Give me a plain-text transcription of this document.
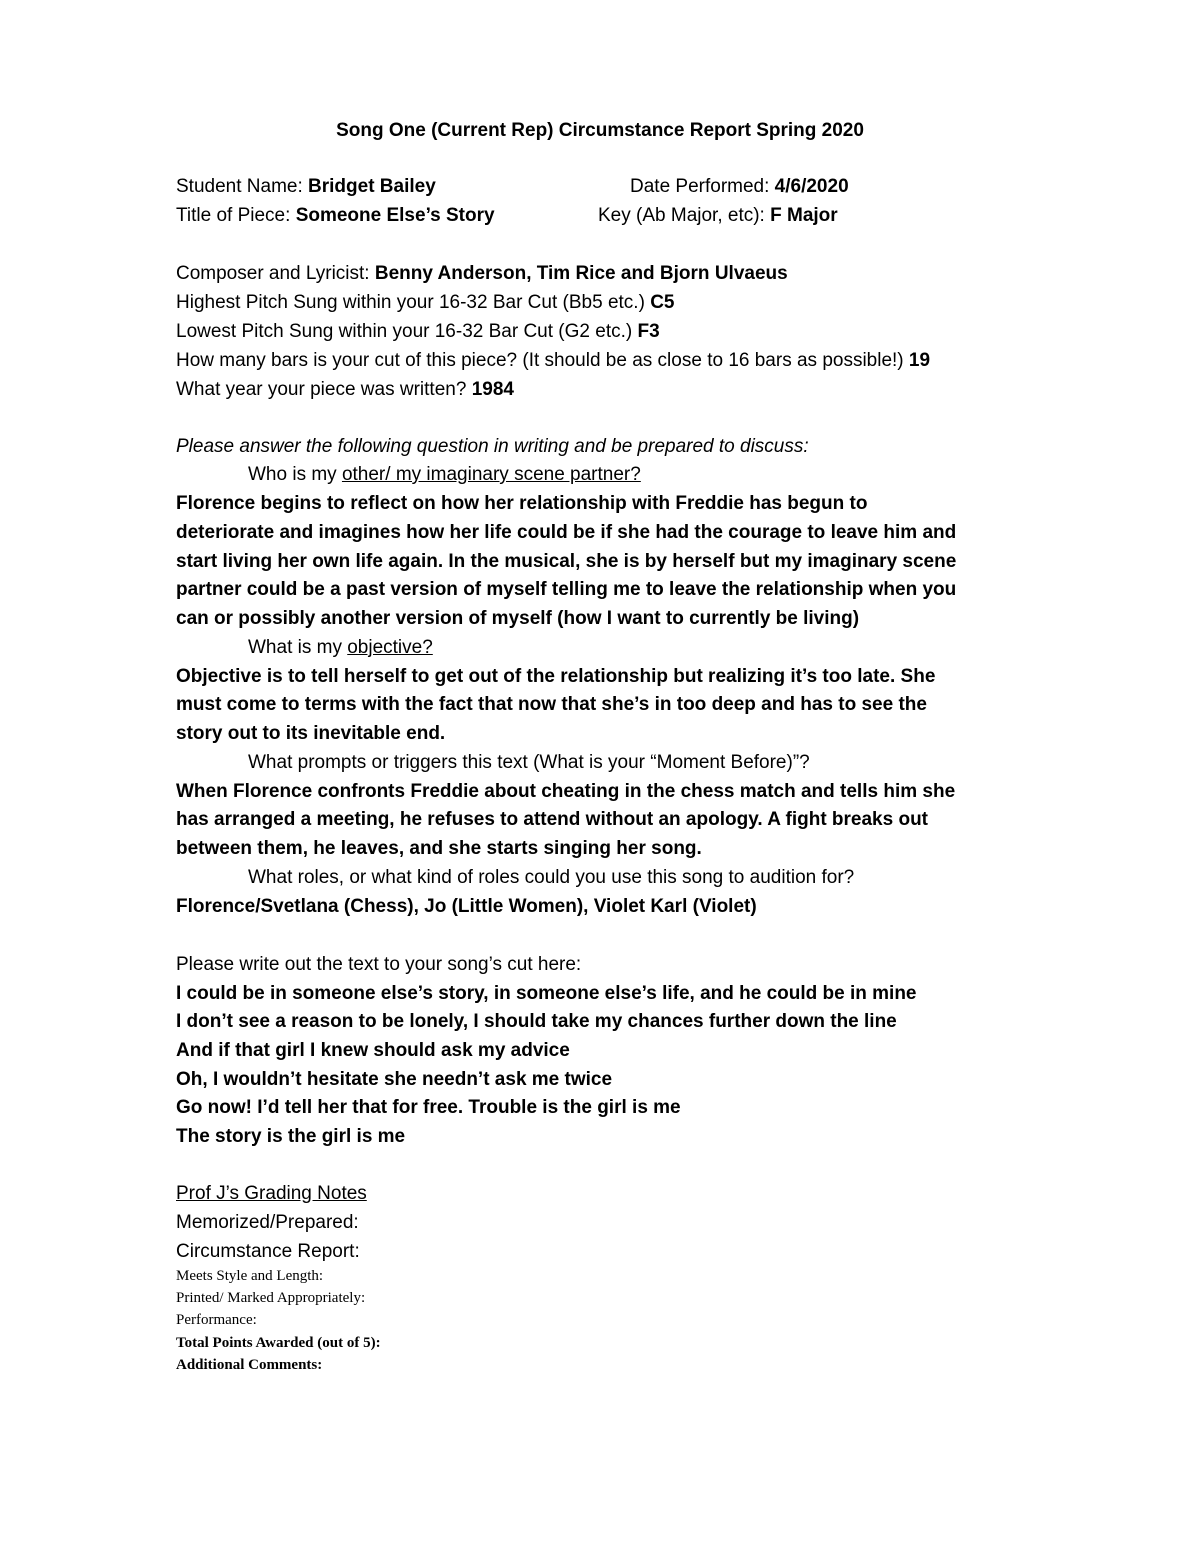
Song One (Current Rep) Circumstance Report Spring 2020
Student Name: Bridget Bailey	Date Performed: 4/6/2020
Title of Piece: Someone Else’s Story	Key (Ab Major, etc): F Major
Composer and Lyricist: Benny Anderson, Tim Rice and Bjorn Ulvaeus
Highest Pitch Sung within your 16-32 Bar Cut (Bb5 etc.) C5
Lowest Pitch Sung within your 16-32 Bar Cut (G2 etc.) F3
How many bars is your cut of this piece? (It should be as close to 16 bars as possible!) 19
What year your piece was written? 1984
Please answer the following question in writing and be prepared to discuss:
Who is my other/ my imaginary scene partner?
Florence begins to reflect on how her relationship with Freddie has begun to
deteriorate and imagines how her life could be if she had the courage to leave him and
start living her own life again. In the musical, she is by herself but my imaginary scene
partner could be a past version of myself telling me to leave the relationship when you
can or possibly another version of myself (how I want to currently be living)
What is my objective?
Objective is to tell herself to get out of the relationship but realizing it’s too late. She
must come to terms with the fact that now that she’s in too deep and has to see the
story out to its inevitable end.
What prompts or triggers this text (What is your “Moment Before)”?
When Florence confronts Freddie about cheating in the chess match and tells him she
has arranged a meeting, he refuses to attend without an apology. A fight breaks out
between them, he leaves, and she starts singing her song.
What roles, or what kind of roles could you use this song to audition for?
Florence/Svetlana (Chess), Jo (Little Women), Violet Karl (Violet)
Please write out the text to your song’s cut here:
I could be in someone else’s story, in someone else’s life, and he could be in mine
I don’t see a reason to be lonely, I should take my chances further down the line
And if that girl I knew should ask my advice
Oh, I wouldn’t hesitate she needn’t ask me twice
Go now! I’d tell her that for free. Trouble is the girl is me
The story is the girl is me
Prof J’s Grading Notes
Memorized/Prepared:
Circumstance Report:
Meets Style and Length:
Printed/ Marked Appropriately:
Performance:
Total Points Awarded (out of 5):
Additional Comments:
